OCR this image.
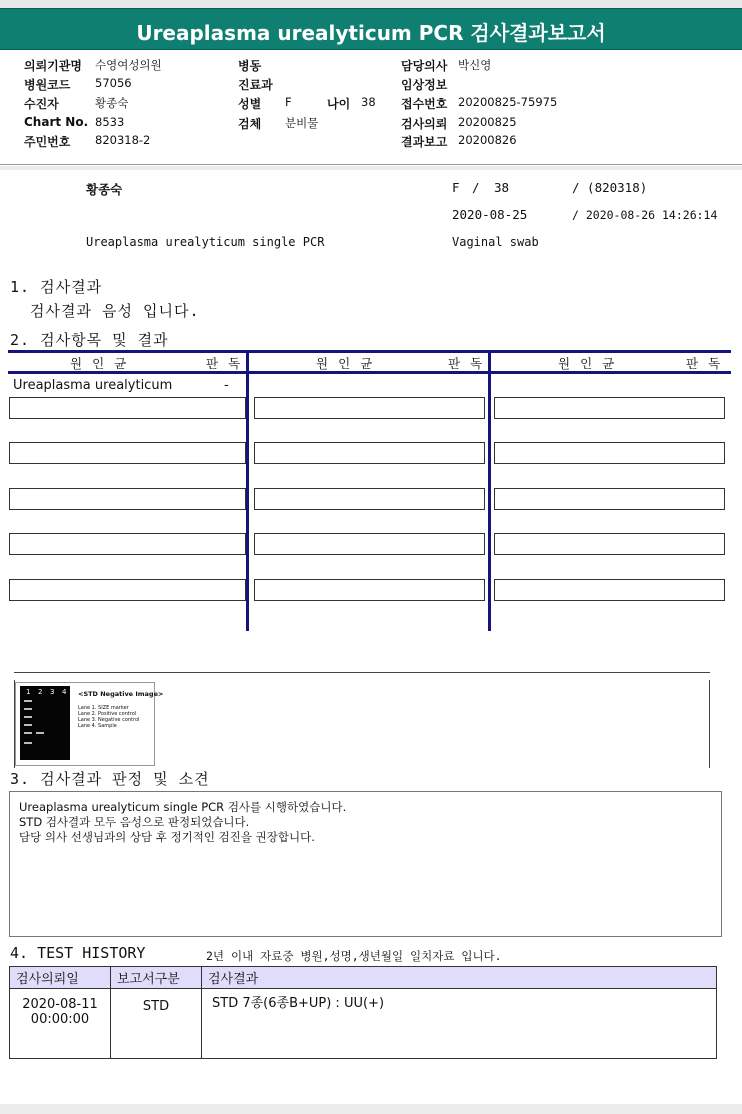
Ureaplasma urealyticum PCR 검사결과보고서
의뢰기관명 수영여성의원
병원코드 57056
수진자	황종숙
Chart No. 8533
주민번호 820318-2
병동
진료과
성별 F	나이 38
검체 분비물
담당의사 박신영
임상정보
접수번호 20200825-75975
검사의뢰 20200825
결과보고 20200826
황종숙	F / 38	/ (820318)
2020-08-25	/ 2020-08-26 14:26:14
Ureaplasma urealyticum single PCR	Vaginal swab
1. 검사결과
검사결과 음성 입니다.
2. 검사항목 및 결과
원인균	판독	원인균	판독	원인균	판독
Ureaplasma urealyticum	-
1 2 3 4 <STD Negative Image>
Lane 1. SIZE marker
Lane 2. Positive control
Lane 3. Negative control
Lane 4. Sample
3. 검사결과 판정 및 소견
Ureaplasma urealyticum single PCR 검사를 시행하였습니다.
STD 검사결과 모두 음성으로 판정되었습니다.
담당 의사 선생님과의 상담 후 정기적인 검진을 권장합니다.
4. TEST HISTORY	2년 이내 자료중 병원,성명,생년월일 일치자료 입니다.
검사의뢰일	보고서구분	검사결과

2020-08-11
00:00:00	STD	STD 7종(6종B+UP) : UU(+)
